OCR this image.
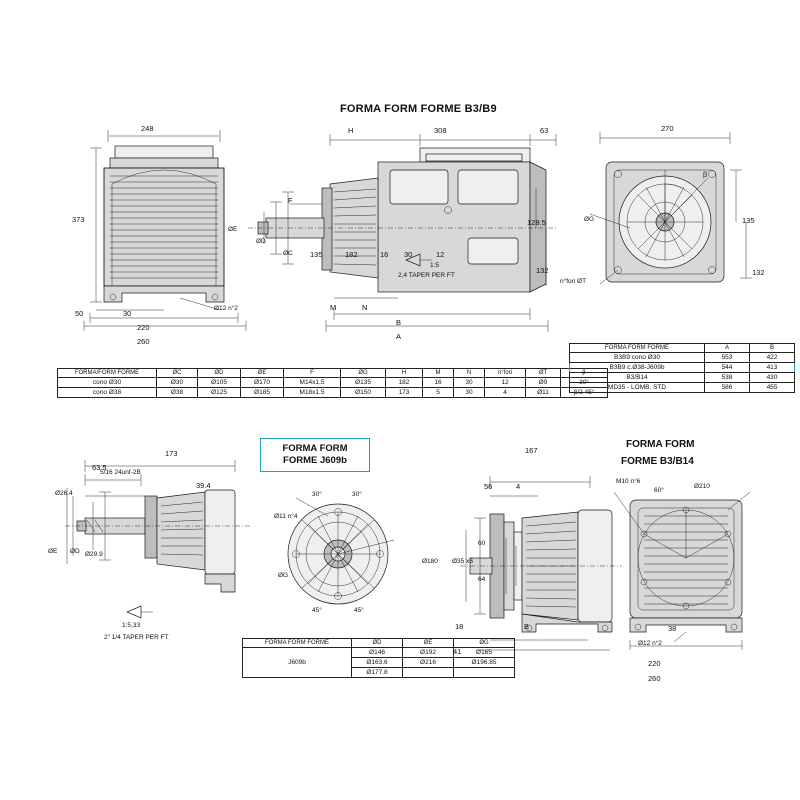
FORMA FORM FORME B3/B9
248
373
50	30
220
260
Ø12 n°2
H	308	63
F
ØE
ØD
ØC 135	182	16 30	12
128.5
132
M	N
B
A
1:5
2,4 TAPER PER FT
270
β
ØG	135
132
n°fori ØT
FORMA/FORM FORME	ØC	ØD	ØE	F	ØG	H	M	N	n°fori	ØT	β
cono Ø30	Ø30	Ø105	Ø170	M14x1.5	Ø135	182	16	30	12	Ø9	30°
cono Ø38	Ø38	Ø125	Ø185	M18x1.5	Ø150	173	5	30	4	Ø11	β/2 45°
FORMA FORM FORME	A	B
B3B9 cono Ø30	553	422
B3B9 c.Ø38-J609b	544	413
B3/B14	538	430
MD35 - LOMB. STD	586	455
FORMA FORM
FORME J609b
FORMA FORM
FORME B3/B14
173
63.5
Ø26.4
5/16 24unf-2B
39.4
ØE ØD Ø29.9
1:5,33
2" 1/4 TAPER PER FT
Ø11 n°4
ØG
30°	30°
45°	45°
FORMA FORM FORME	ØD	ØE	ØG
J609b	Ø146	Ø192	Ø165
	Ø163.6	Ø216	Ø196.85
	Ø177.8		
167
56	4
Ø180 Ø35 x6
60
64
18	B
41
Ø12 n°2
220
260
38
M10 n°6
60°
Ø210
